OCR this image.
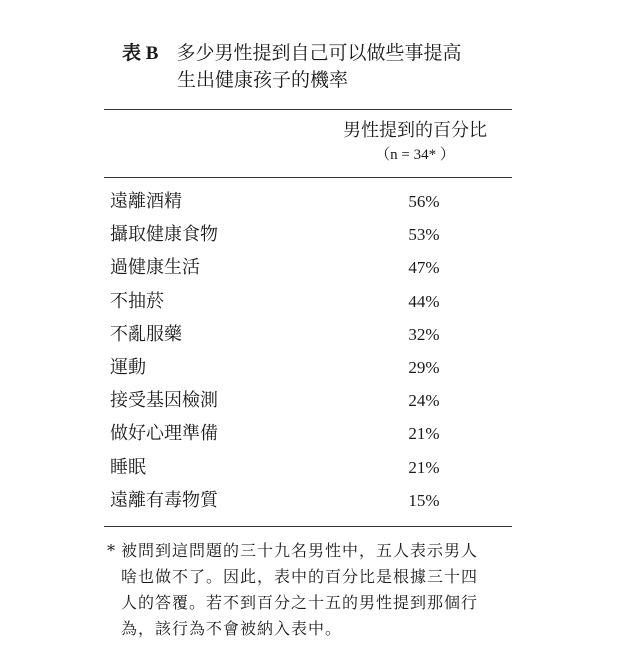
表 B 多少男性提到自己可以做些事提高
生出健康孩子的機率
男性提到的百分比
（n = 34* ）
遠離酒精	56%
攝取健康食物	53%
過健康生活	47%
不抽菸	44%
不亂服藥	32%
運動	29%
接受基因檢測	24%
做好心理準備	21%
睡眠	21%
遠離有毒物質	15%
* 被問到這問題的三十九名男性中，五人表示男人
啥也做不了。因此，表中的百分比是根據三十四
人的答覆。若不到百分之十五的男性提到那個行
為，該行為不會被納入表中。
